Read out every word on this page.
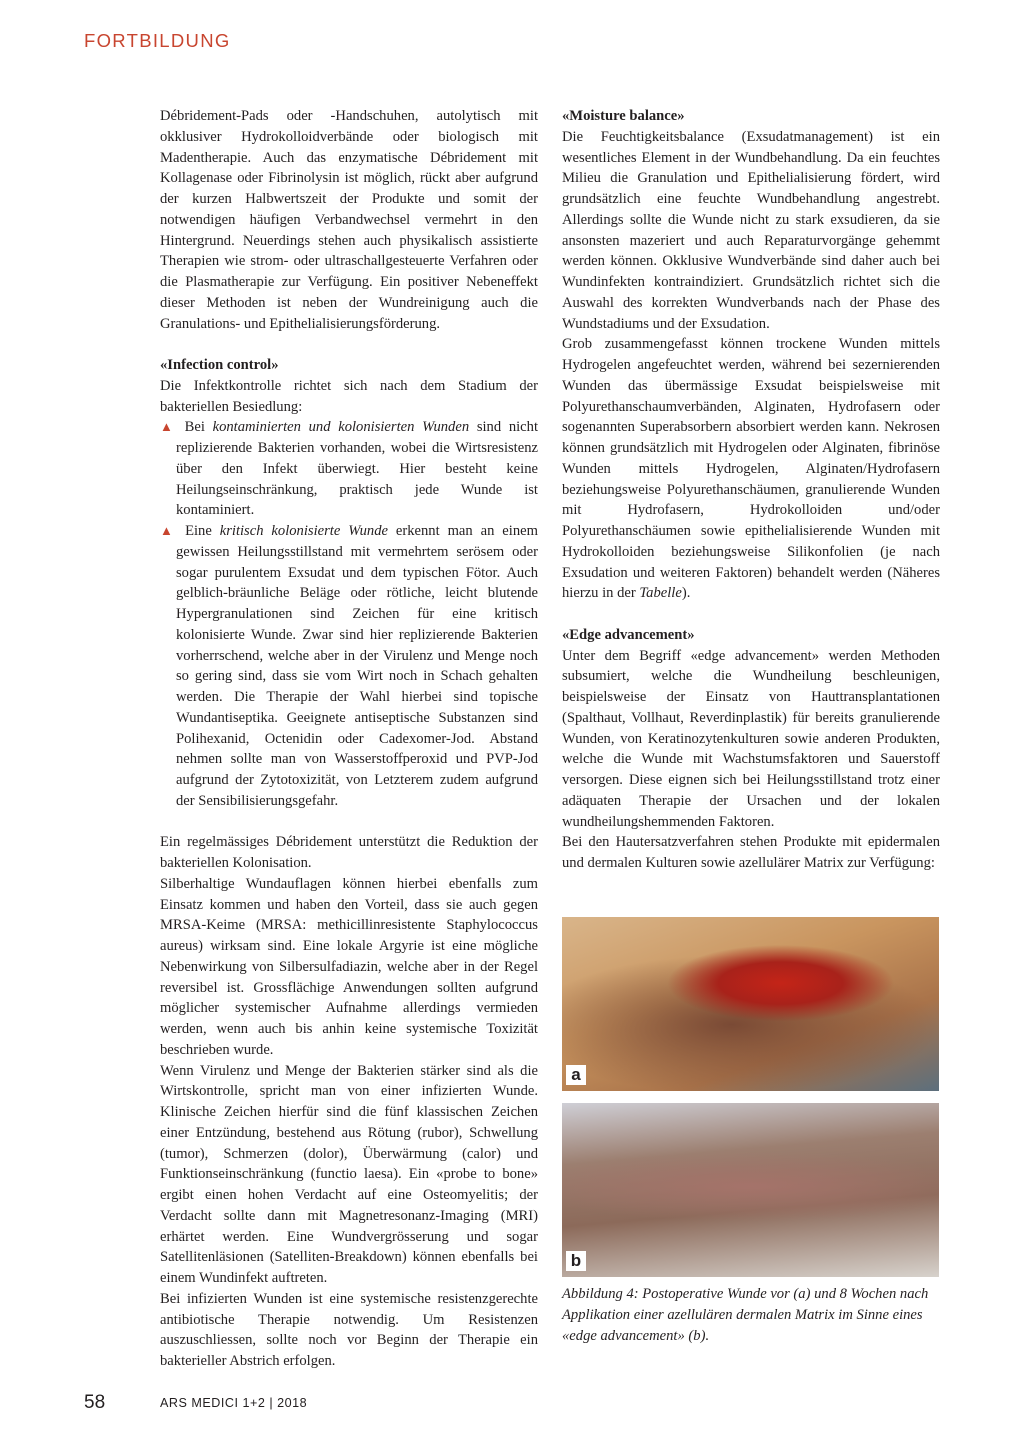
FORTBILDUNG

Débridement-Pads oder -Handschuhen, autolytisch mit okklusiver Hydrokolloidverbände oder biologisch mit Madentherapie. Auch das enzymatische Débridement mit Kollagenase oder Fibrinolysin ist möglich, rückt aber aufgrund der kurzen Halbwertszeit der Produkte und somit der notwendigen häufigen Verbandwechsel vermehrt in den Hintergrund. Neuerdings stehen auch physikalisch assistierte Therapien wie strom- oder ultraschallgesteuerte Verfahren oder die Plasmatherapie zur Verfügung. Ein positiver Nebeneffekt dieser Methoden ist neben der Wundreinigung auch die Granulations- und Epithelialisierungsförderung.

«Infection control»

Die Infektkontrolle richtet sich nach dem Stadium der bakteriellen Besiedlung:

▲ Bei kontaminierten und kolonisierten Wunden sind nicht replizierende Bakterien vorhanden, wobei die Wirtsresistenz über den Infekt überwiegt. Hier besteht keine Heilungseinschränkung, praktisch jede Wunde ist kontaminiert.

▲ Eine kritisch kolonisierte Wunde erkennt man an einem gewissen Heilungsstillstand mit vermehrtem serösem oder sogar purulentem Exsudat und dem typischen Fötor. Auch gelblich-bräunliche Beläge oder rötliche, leicht blutende Hypergranulationen sind Zeichen für eine kritisch kolonisierte Wunde. Zwar sind hier replizierende Bakterien vorherrschend, welche aber in der Virulenz und Menge noch so gering sind, dass sie vom Wirt noch in Schach gehalten werden. Die Therapie der Wahl hierbei sind topische Wundantiseptika. Geeignete antiseptische Substanzen sind Polihexanid, Octenidin oder Cadexomer-Jod. Abstand nehmen sollte man von Wasserstoffperoxid und PVP-Jod aufgrund der Zytotoxizität, von Letzterem zudem aufgrund der Sensibilisierungsgefahr.

Ein regelmässiges Débridement unterstützt die Reduktion der bakteriellen Kolonisation.

Silberhaltige Wundauflagen können hierbei ebenfalls zum Einsatz kommen und haben den Vorteil, dass sie auch gegen MRSA-Keime (MRSA: methicillinresistente Staphylococcus aureus) wirksam sind. Eine lokale Argyrie ist eine mögliche Nebenwirkung von Silbersulfadiazin, welche aber in der Regel reversibel ist. Grossflächige Anwendungen sollten aufgrund möglicher systemischer Aufnahme allerdings vermieden werden, wenn auch bis anhin keine systemische Toxizität beschrieben wurde.

Wenn Virulenz und Menge der Bakterien stärker sind als die Wirtskontrolle, spricht man von einer infizierten Wunde. Klinische Zeichen hierfür sind die fünf klassischen Zeichen einer Entzündung, bestehend aus Rötung (rubor), Schwellung (tumor), Schmerzen (dolor), Überwärmung (calor) und Funktionseinschränkung (functio laesa). Ein «probe to bone» ergibt einen hohen Verdacht auf eine Osteomyelitis; der Verdacht sollte dann mit Magnetresonanz-Imaging (MRI) erhärtet werden. Eine Wundvergrösserung und sogar Satellitenläsionen (Satelliten-Breakdown) können ebenfalls bei einem Wundinfekt auftreten.

Bei infizierten Wunden ist eine systemische resistenzgerechte antibiotische Therapie notwendig. Um Resistenzen auszuschliessen, sollte noch vor Beginn der Therapie ein bakterieller Abstrich erfolgen.

«Moisture balance»

Die Feuchtigkeitsbalance (Exsudatmanagement) ist ein wesentliches Element in der Wundbehandlung. Da ein feuchtes Milieu die Granulation und Epithelialisierung fördert, wird grundsätzlich eine feuchte Wundbehandlung angestrebt. Allerdings sollte die Wunde nicht zu stark exsudieren, da sie ansonsten mazeriert und auch Reparaturvorgänge gehemmt werden können. Okklusive Wundverbände sind daher auch bei Wundinfekten kontraindiziert. Grundsätzlich richtet sich die Auswahl des korrekten Wundverbands nach der Phase des Wundstadiums und der Exsudation.

Grob zusammengefasst können trockene Wunden mittels Hydrogelen angefeuchtet werden, während bei sezernierenden Wunden das übermässige Exsudat beispielsweise mit Polyurethanschaumverbänden, Alginaten, Hydrofasern oder sogenannten Superabsorbern absorbiert werden kann. Nekrosen können grundsätzlich mit Hydrogelen oder Alginaten, fibrinöse Wunden mittels Hydrogelen, Alginaten/Hydrofasern beziehungsweise Polyurethanschäumen, granulierende Wunden mit Hydrofasern, Hydrokolloiden und/oder Polyurethanschäumen sowie epithelialisierende Wunden mit Hydrokolloiden beziehungsweise Silikonfolien (je nach Exsudation und weiteren Faktoren) behandelt werden (Näheres hierzu in der Tabelle).

«Edge advancement»

Unter dem Begriff «edge advancement» werden Methoden subsumiert, welche die Wundheilung beschleunigen, beispielsweise der Einsatz von Hauttransplantationen (Spalthaut, Vollhaut, Reverdinplastik) für bereits granulierende Wunden, von Keratinozytenkulturen sowie anderen Produkten, welche die Wunde mit Wachstumsfaktoren und Sauerstoff versorgen. Diese eignen sich bei Heilungsstillstand trotz einer adäquaten Therapie der Ursachen und der lokalen wundheilungshemmenden Faktoren.

Bei den Hautersatzverfahren stehen Produkte mit epidermalen und dermalen Kulturen sowie azellulärer Matrix zur Verfügung:

a
b
Abbildung 4: Postoperative Wunde vor (a) und 8 Wochen nach Applikation einer azellulären dermalen Matrix im Sinne eines «edge advancement» (b).
58	ARS MEDICI 1+2 | 2018
